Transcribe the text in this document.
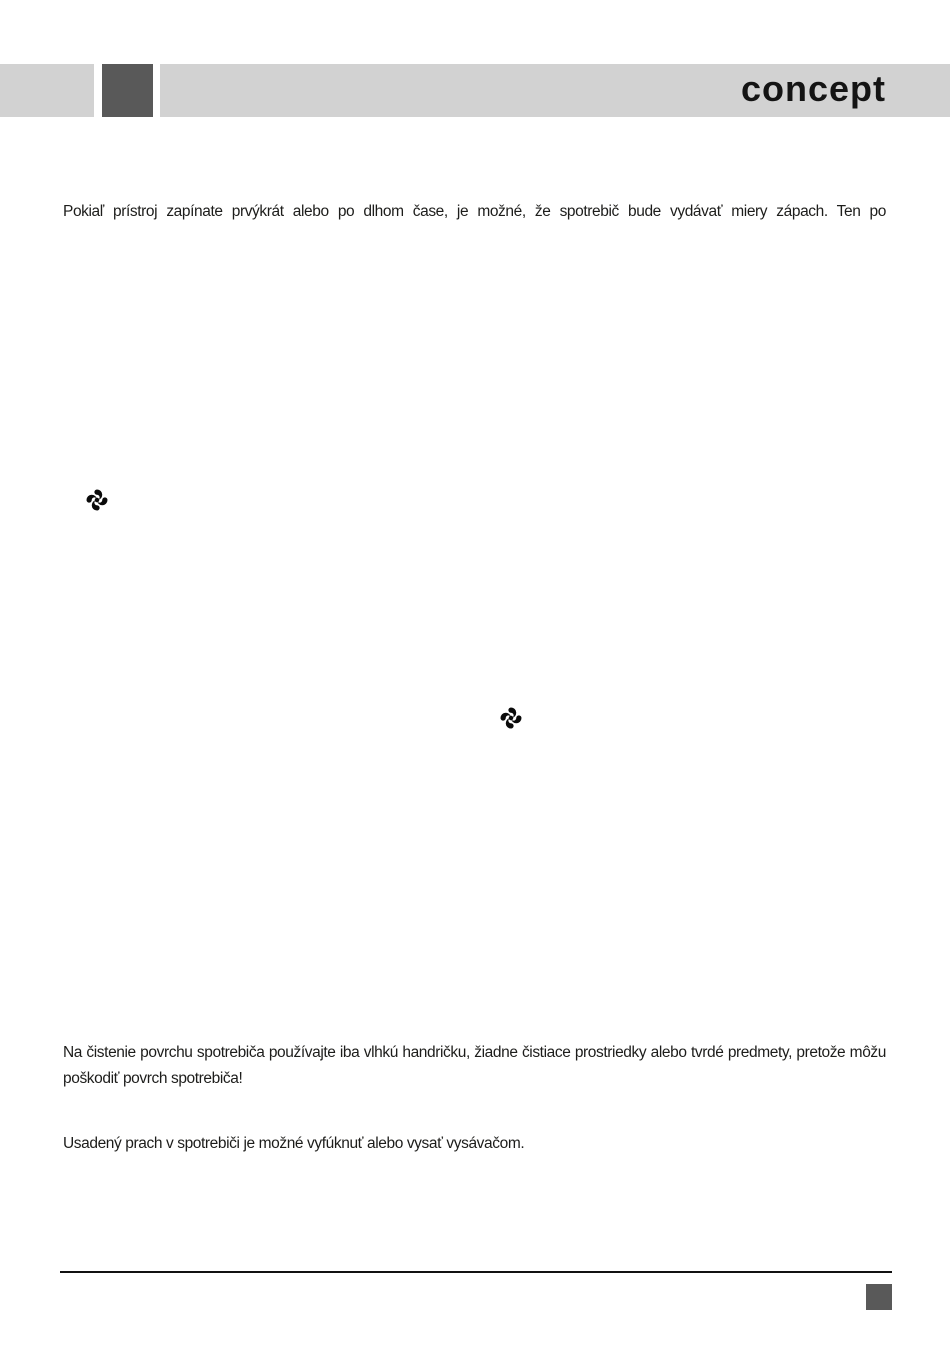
concept

Pokiaľ prístroj zapínate prvýkrát alebo po dlhom čase, je možné, že spotrebič bude vydávať miery zápach. Ten po

Na čistenie povrchu spotrebiča používajte iba vlhkú handričku, žiadne čistiace prostriedky alebo tvrdé predmety, pretože môžu poškodiť povrch spotrebiča!

Usadený prach v spotrebiči je možné vyfúknuť alebo vysať vysávačom.
